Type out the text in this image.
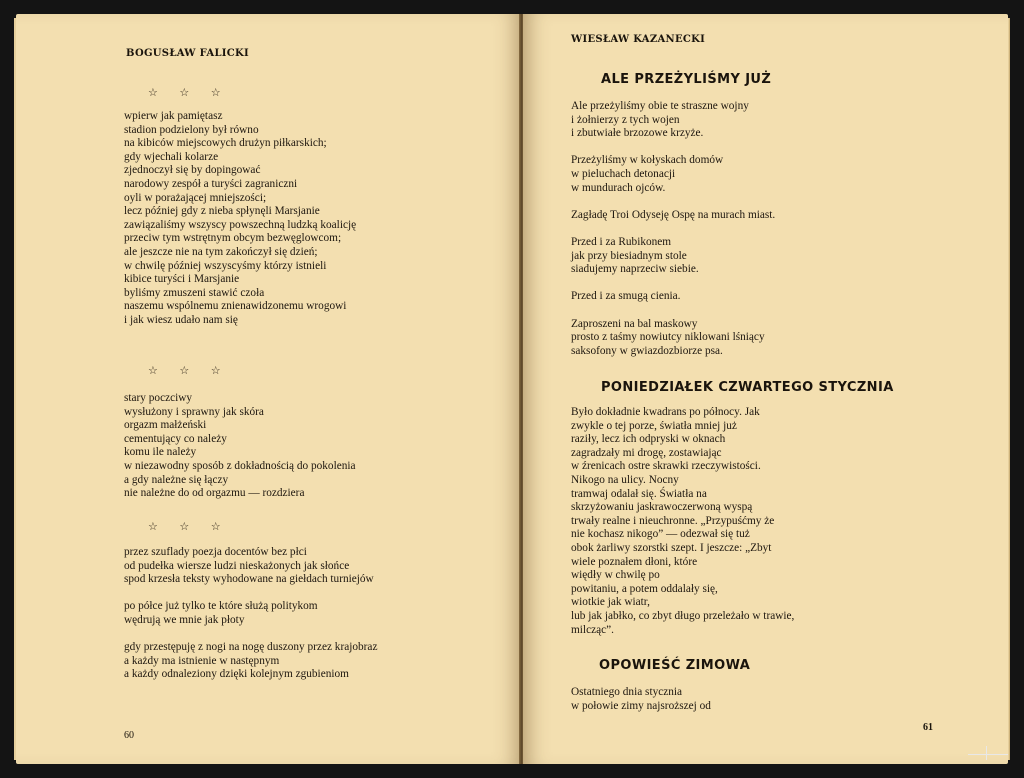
BOGUSŁAW FALICKI
☆ ☆ ☆
wpierw jak pamiętasz
stadion podzielony był równo
na kibiców miejscowych drużyn piłkarskich;
gdy wjechali kolarze
zjednoczył się by dopingować
narodowy zespół a turyści zagraniczni
oyli w porażającej mniejszości;
lecz później gdy z nieba spłynęli Marsjanie
zawiązaliśmy wszyscy powszechną ludzką koalicję
przeciw tym wstrętnym obcym bezwęglowcom;
ale jeszcze nie na tym zakończył się dzień;
w chwilę później wszyscyśmy którzy istnieli
kibice turyści i Marsjanie
byliśmy zmuszeni stawić czoła
naszemu wspólnemu znienawidzonemu wrogowi
i jak wiesz udało nam się
☆ ☆ ☆
stary poczciwy
wysłużony i sprawny jak skóra
orgazm małżeński
cementujący co należy
komu ile należy
w niezawodny sposób z dokładnością do pokolenia
a gdy należne się łączy
nie należne do od orgazmu — rozdziera
☆ ☆ ☆
przez szuflady poezja docentów bez płci
od pudełka wiersze ludzi nieskażonych jak słońce
spod krzesła teksty wyhodowane na giełdach turniejów
po półce już tylko te które służą politykom
wędrują we mnie jak płoty
gdy przestępuję z nogi na nogę duszony przez krajobraz
a każdy ma istnienie w następnym
a każdy odnaleziony dzięki kolejnym zgubieniom
60
WIESŁAW KAZANECKI
ALE PRZEŻYLIŚMY JUŻ
Ale przeżyliśmy obie te straszne wojny
i żołnierzy z tych wojen
i zbutwiałe brzozowe krzyże.
Przeżyliśmy w kołyskach domów
w pieluchach detonacji
w mundurach ojców.
Zagładę Troi Odyseję Ospę na murach miast.
Przed i za Rubikonem
jak przy biesiadnym stole
siadujemy naprzeciw siebie.
Przed i za smugą cienia.
Zaproszeni na bal maskowy
prosto z taśmy nowiutcy niklowani lśniący
saksofony w gwiazdozbiorze psa.
PONIEDZIAŁEK CZWARTEGO STYCZNIA
Było dokładnie kwadrans po północy. Jak
zwykle o tej porze, światła mniej już
raziły, lecz ich odpryski w oknach
zagradzały mi drogę, zostawiając
w źrenicach ostre skrawki rzeczywistości.
Nikogo na ulicy. Nocny
tramwaj odalał się. Światła na
skrzyżowaniu jaskrawoczerwoną wyspą
trwały realne i nieuchronne. „Przypuśćmy że
nie kochasz nikogo” — odezwał się tuż
obok żarliwy szorstki szept. I jeszcze: „Zbyt
wiele poznałem dłoni, które
więdły w chwilę po
powitaniu, a potem oddalały się,
wiotkie jak wiatr,
lub jak jabłko, co zbyt długo przeleżało w trawie,
milcząc”.
OPOWIEŚĆ ZIMOWA
Ostatniego dnia stycznia
w połowie zimy najsroższej od
61
